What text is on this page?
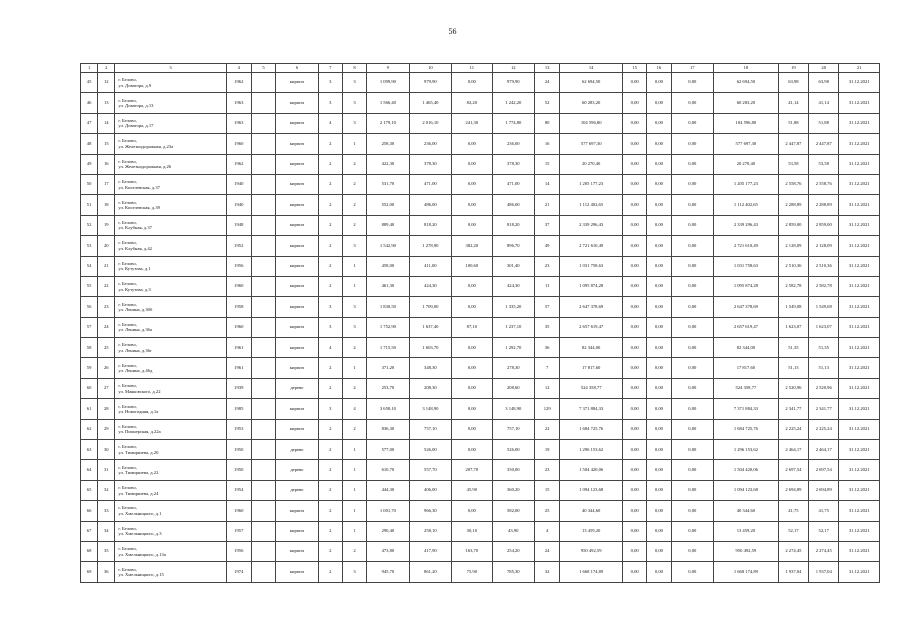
56
1	2	3	4	5	6	7	8	9	10	11	12	13	14	15	16	17	18	19	20	21
45	12	г. Белово,
ул. Доватора, д.9	1962		кирпич	3	3	1 099,90	979,90	0,00	979,90	24	62 694,50	0,00	0,00	0,00	62 694,50	63,98	63,98	31.12.2021
46	13	г. Белово,
ул. Доватора, д.13	1963		кирпич	3	3	1 566,40	1 465,40	82,20	1 242,20	52	60 283,20	0,00	0,00	0,00	60 283,20	41,14	41,14	31.12.2021
47	14	г. Белово,
ул. Доватора, д.17	1963		кирпич	4	3	2 179,10	2 016,10	241,30	1 774,80	80	104 596,80	0,00	0,00	0,00	104 596,80	51,88	51,88	31.12.2021
48	15	г. Белово,
ул. Железнодорожная, д.23а	1960		кирпич	2	1	258,30	236,00	0,00	236,00	16	577 697,30	0,00	0,00	0,00	577 697,30	2 447,87	2 447,87	31.12.2021
49	16	г. Белово,
ул. Железнодорожная, д.26	1962		кирпич	2	2	422,30	378,30	0,00	378,30	15	20 270,40	0,00	0,00	0,00	20 270,40	53,58	53,58	31.12.2021
50	17	г. Белово,
ул. Киселевская, д.37	1940		кирпич	2	2	531,70	471,00	0,00	471,00	14	1 205 177,23	0,00	0,00	0,00	1 205 177,23	2 558,76	2 558,76	31.12.2021
51	18	г. Белово,
ул. Киселевская, д.39	1940		кирпич	2	2	552,00	486,00	0,00	486,00	21	1 112 402,65	0,00	0,00	0,00	1 112 402,65	2 288,89	2 288,89	31.12.2021
52	19	г. Белово,
ул. Клубная, д.37	1948		кирпич	2	2	889,40	818,20	0,00	818,20	37	2 339 296,43	0,00	0,00	0,00	2 339 296,43	2 859,00	2 859,00	31.12.2021
53	20	г. Белово,
ул. Клубная, д.42	1952		кирпич	2	3	1 542,90	1 278,90	382,20	896,70	49	2 721 610,49	0,00	0,00	0,00	2 721 610,49	2 128,09	2 128,09	31.12.2021
54	21	г. Белово,
ул. Кутузова, д.1	1956		кирпич	2	1	458,00	411,00	100,60	301,40	23	1 031 758,63	0,00	0,00	0,00	1 031 758,63	2 510,36	2 510,36	31.12.2021
55	22	г. Белово,
ул. Кутузова, д.3	1960		кирпич	2	1	461,30	424,30	0,00	424,30	11	1 095 874,28	0,00	0,00	0,00	1 095 874,28	2 582,78	2 582,78	31.12.2021
56	23	г. Белово,
ул. Ленина, д.30б	1958		кирпич	3	3	1 830,50	1 709,00	0,00	1 335,20	57	2 647 378,69	0,00	0,00	0,00	2 647 378,69	1 549,08	1 549,08	31.12.2021
57	24	г. Белово,
ул. Ленина, д.36а	1960		кирпич	3	3	1 752,90	1 637,40	87,10	1 237,10	35	2 657 619,47	0,00	0,00	0,00	2 657 619,47	1 623,07	1 623,07	31.12.2021
58	25	г. Белово,
ул. Ленина, д.36г	1961		кирпич	4	2	1 715,50	1 603,70	0,00	1 292,70	36	82 344,00	0,00	0,00	0,00	82 344,00	51,35	51,35	31.12.2021
59	26	г. Белово,
ул. Ленина, д.46д	1961		кирпич	2	1	371,20	348,30	0,00	278,30	7	17 817,60	0,00	0,00	0,00	17 817,60	51,13	51,13	31.12.2021
60	27	г. Белово,
ул. Маяковского, д.22	1939		дерево	2	2	253,70	208,30	0,00	208,60	12	524 358,77	0,00	0,00	0,00	524 358,77	2 520,96	2 520,96	31.12.2021
61	28	г. Белово,
ул. Новогодняя, д.1а	1985		кирпич	3	4	3 658,10	3 148,90	0,00	3 148,90	129	7 371 884,33	0,00	0,00	0,00	7 371 884,33	2 341,77	2 341,77	31.12.2021
62	29	г. Белово,
ул. Пионерская, д.22а	1953		кирпич	2	2	836,30	757,10	0,00	757,10	22	1 684 725,76	0,00	0,00	0,00	1 684 725,76	2 225,24	2 225,24	31.12.2021
63	30	г. Белово,
ул. Тимирязева, д.20	1950		дерево	2	1	577,00	526,00	0,00	526,00	19	1 296 153,62	0,00	0,00	0,00	1 296 153,62	2 464,17	2 464,17	31.12.2021
64	31	г. Белово,
ул. Тимирязева, д.22	1950		дерево	2	1	610,70	557,70	207,70	350,00	23	1 504 420,06	0,00	0,00	0,00	1 504 420,06	2 697,54	2 697,54	31.12.2021
65	32	г. Белово,
ул. Тимирязева, д.24	1954		дерево	2	1	444,30	406,00	45,90	360,20	15	1 094 123,68	0,00	0,00	0,00	1 094 123,68	2 694,89	2 694,89	31.12.2021
66	33	г. Белово,
ул. Хмельницкого, д.1	1960		кирпич	2	1	1 001,70	966,30	0,00	582,00	25	40 344,60	0,00	0,00	0,00	40 344,60	41,75	41,75	31.12.2021
67	34	г. Белово,
ул. Хмельницкого, д.3	1957		кирпич	2	1	290,40	258,10	30,10	43,90	4	13 459,20	0,00	0,00	0,00	13 459,20	52,17	52,17	31.12.2021
68	35	г. Белово,
ул. Хмельницкого, д.13а	1956		кирпич	2	2	473,80	417,90	163,70	254,20	24	950 492,59	0,00	0,00	0,00	950 492,59	2 274,45	2 274,45	31.12.2021
69	36	г. Белово,
ул. Хмельницкого, д.15	1974		кирпич	2	3	945,70	861,20	75,90	785,30	32	1 668 174,89	0,00	0,00	0,00	1 668 174,89	1 937,04	1 937,04	31.12.2021
